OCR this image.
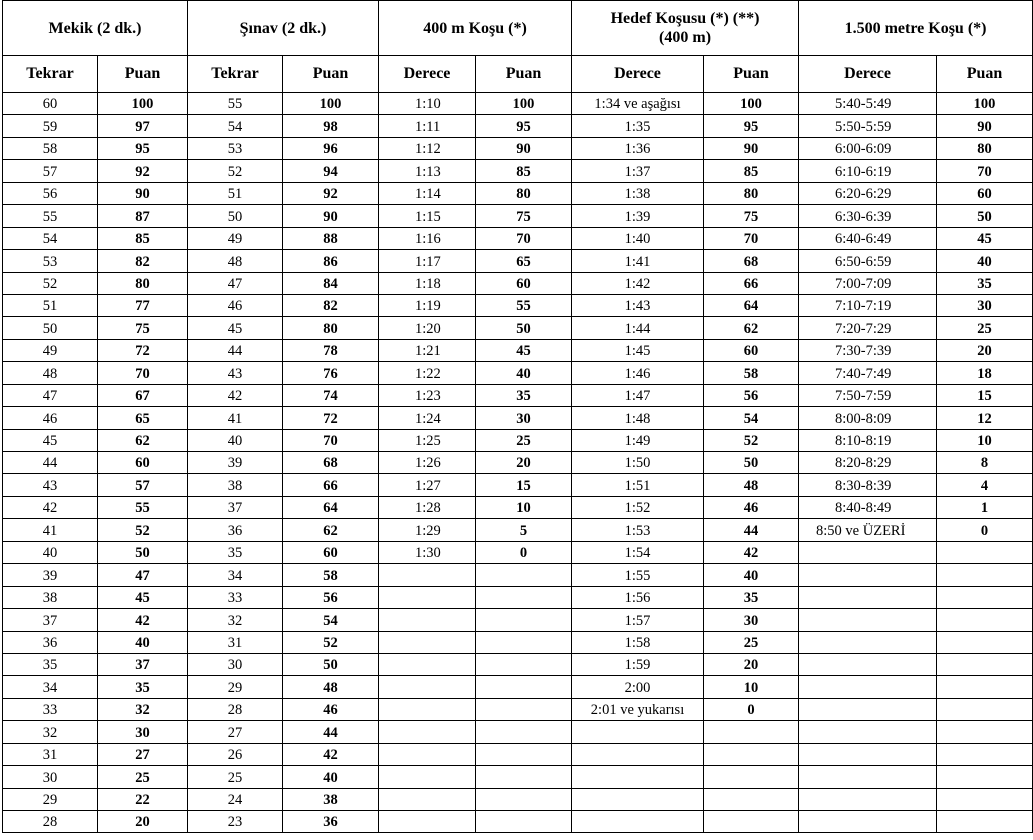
Mekik (2 dk.)		Şınav (2 dk.)		400 m Koşu (*)		Hedef Koşusu (*) (**)
(400 m)		1.500 metre Koşu (*)	
Tekrar	Puan	Tekrar	Puan	Derece	Puan	Derece	Puan	Derece	Puan
60	100	55	100	1:10	100	1:34 ve aşağısı	100	5:40-5:49	100
59	97	54	98	1:11	95	1:35	95	5:50-5:59	90
58	95	53	96	1:12	90	1:36	90	6:00-6:09	80
57	92	52	94	1:13	85	1:37	85	6:10-6:19	70
56	90	51	92	1:14	80	1:38	80	6:20-6:29	60
55	87	50	90	1:15	75	1:39	75	6:30-6:39	50
54	85	49	88	1:16	70	1:40	70	6:40-6:49	45
53	82	48	86	1:17	65	1:41	68	6:50-6:59	40
52	80	47	84	1:18	60	1:42	66	7:00-7:09	35
51	77	46	82	1:19	55	1:43	64	7:10-7:19	30
50	75	45	80	1:20	50	1:44	62	7:20-7:29	25
49	72	44	78	1:21	45	1:45	60	7:30-7:39	20
48	70	43	76	1:22	40	1:46	58	7:40-7:49	18
47	67	42	74	1:23	35	1:47	56	7:50-7:59	15
46	65	41	72	1:24	30	1:48	54	8:00-8:09	12
45	62	40	70	1:25	25	1:49	52	8:10-8:19	10
44	60	39	68	1:26	20	1:50	50	8:20-8:29	8
43	57	38	66	1:27	15	1:51	48	8:30-8:39	4
42	55	37	64	1:28	10	1:52	46	8:40-8:49	1
41	52	36	62	1:29	5	1:53	44	8:50 ve ÜZERİ	0
40	50	35	60	1:30	0	1:54	42		
39	47	34	58			1:55	40		
38	45	33	56			1:56	35		
37	42	32	54			1:57	30		
36	40	31	52			1:58	25		
35	37	30	50			1:59	20		
34	35	29	48			2:00	10		
33	32	28	46			2:01 ve yukarısı	0		
32	30	27	44						
31	27	26	42						
30	25	25	40						
29	22	24	38						
28	20	23	36						
